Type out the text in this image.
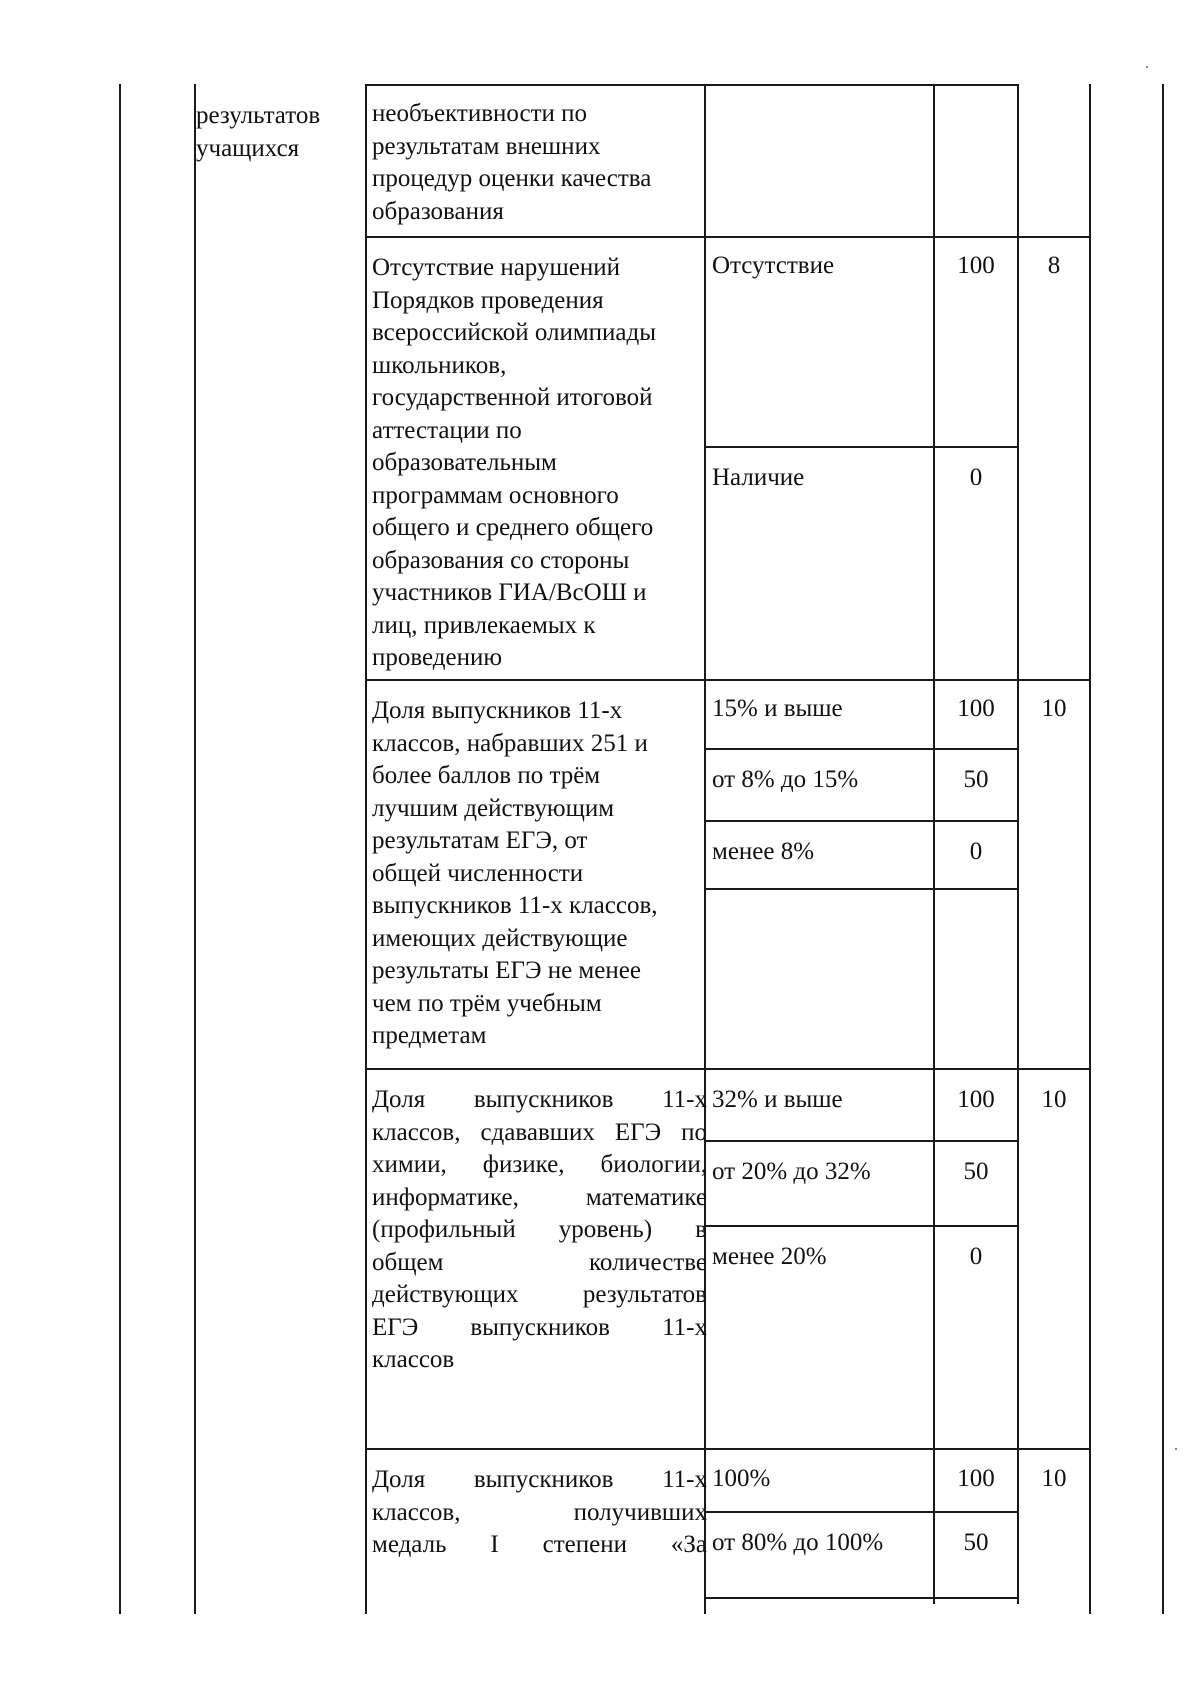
результатов
учащихся
необъективности по
результатам внешних
процедур оценки качества
образования
Отсутствие нарушений
Порядков проведения
всероссийской олимпиады
школьников,
государственной итоговой
аттестации по
образовательным
программам основного
общего и среднего общего
образования со стороны
участников ГИА/ВсОШ и
лиц, привлекаемых к
проведению
Отсутствие	100	8
Наличие	0
Доля выпускников 11-х
классов, набравших 251 и
более баллов по трём
лучшим действующим
результатам ЕГЭ, от
общей численности
выпускников 11-х классов,
имеющих действующие
результаты ЕГЭ не менее
чем по трём учебным
предметам
15% и выше	100	10
от 8% до 15%	50
менее 8%	0
Доля выпускников 11-х
классов, сдававших ЕГЭ по
химии, физике, биологии,
информатике, математике
(профильный уровень) в
общем количестве
действующих результатов
ЕГЭ выпускников 11-х
классов
32% и выше	100	10
от 20% до 32%	50
менее 20%	0
Доля выпускников 11-х
классов, получивших
медаль I степени «За
100%	100	10
от 80% до 100%	50
